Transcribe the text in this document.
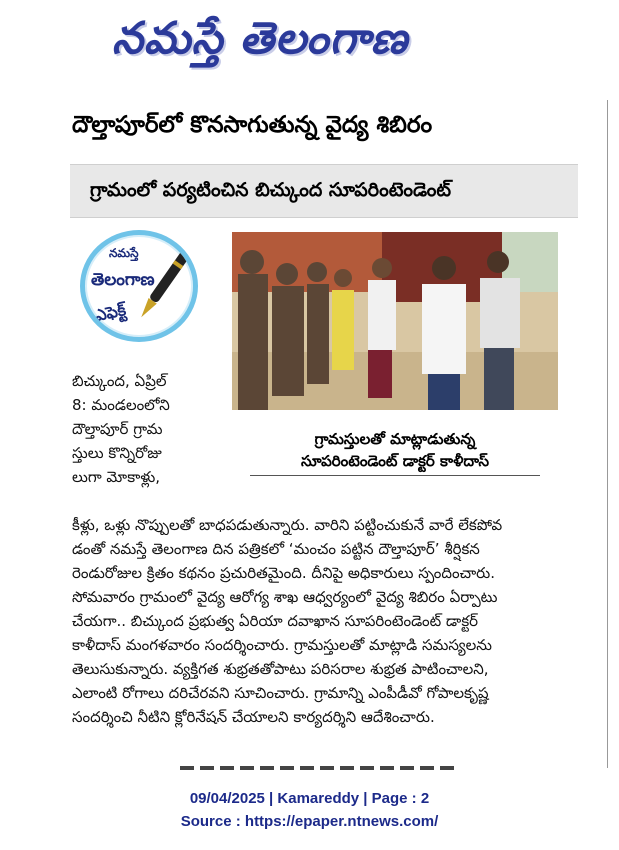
నమస్తే తెలంగాణ
దౌల్తాపూర్‌లో కొనసాగుతున్న వైద్య శిబిరం
గ్రామంలో పర్యటించిన బిచ్కుంద సూపరింటెండెంట్
నమస్తే
తెలంగాణ
ఎఫెక్ట్
గ్రామస్తులతో మాట్లాడుతున్న
సూపరింటెండెంట్ డాక్టర్ కాళీదాస్
బిచ్కుంద, ఏప్రిల్
8: మండలంలోని
దౌల్తాపూర్ గ్రామ
స్తులు కొన్నిరోజు
లుగా మోకాళ్లు,
కీళ్లు, ఒళ్లు నొప్పులతో బాధపడుతున్నారు. వారిని పట్టించుకునే వారే లేకపోవ
డంతో నమస్తే తెలంగాణ దిన పత్రికలో ‘మంచం పట్టిన దౌల్తాపూర్’ శీర్షికన
రెండురోజుల క్రితం కథనం ప్రచురితమైంది. దీనిపై అధికారులు స్పందించారు.
సోమవారం గ్రామంలో వైద్య ఆరోగ్య శాఖ ఆధ్వర్యంలో వైద్య శిబిరం ఏర్పాటు
చేయగా.. బిచ్కుంద ప్రభుత్వ ఏరియా దవాఖాన సూపరింటెండెంట్ డాక్టర్
కాళీదాస్ మంగళవారం సందర్శించారు. గ్రామస్తులతో మాట్లాడి సమస్యలను
తెలుసుకున్నారు. వ్యక్తిగత శుభ్రతతోపాటు పరిసరాల శుభ్రత పాటించాలని,
ఎలాంటి రోగాలు దరిచేరవని సూచించారు. గ్రామాన్ని ఎంపీడీవో గోపాలకృష్ణ
సందర్శించి నీటిని క్లోరినేషన్ చేయాలని కార్యదర్శిని ఆదేశించారు.
09/04/2025 | Kamareddy | Page : 2
Source : https://epaper.ntnews.com/
